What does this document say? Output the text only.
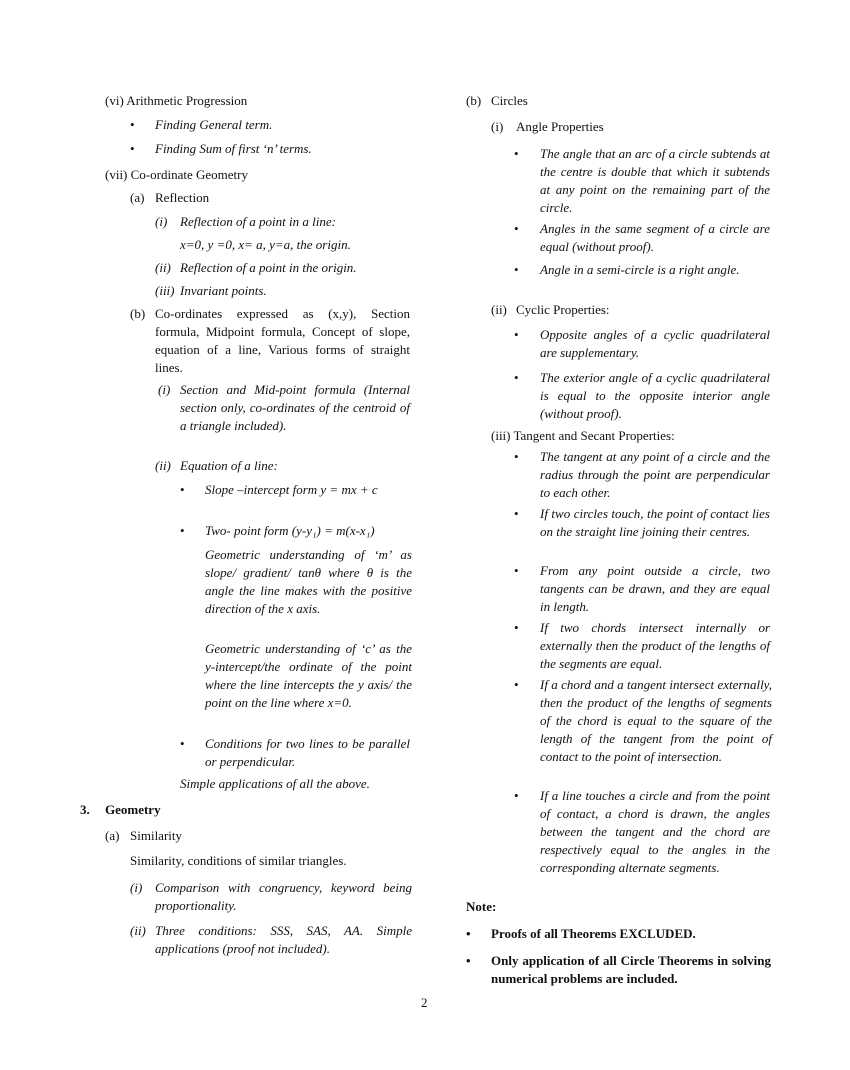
(vi) Arithmetic Progression
• Finding General term.
• Finding Sum of first ‘n’ terms.
(vii) Co-ordinate Geometry
(a) Reflection
(i) Reflection of a point in a line:
x=0, y =0, x= a, y=a, the origin.
(ii) Reflection of a point in the origin.
(iii) Invariant points.
(b) Co-ordinates expressed as (x,y), Section formula, Midpoint formula, Concept of slope, equation of a line, Various forms of straight lines.
(i) Section and Mid-point formula (Internal section only, co-ordinates of the centroid of a triangle included).
(ii) Equation of a line:
• Slope –intercept form y = mx + c
• Two- point form (y-y₁) = m(x-x₁)
Geometric understanding of ‘m’ as slope/ gradient/ tanθ where θ is the angle the line makes with the positive direction of the x axis.
Geometric understanding of ‘c’ as the y-intercept/the ordinate of the point where the line intercepts the y axis/ the point on the line where x=0.
• Conditions for two lines to be parallel or perpendicular.
Simple applications of all the above.
3. Geometry
(a) Similarity
Similarity, conditions of similar triangles.
(i) Comparison with congruency, keyword being proportionality.
(ii) Three conditions: SSS, SAS, AA. Simple applications (proof not included).
(b) Circles
(i) Angle Properties
• The angle that an arc of a circle subtends at the centre is double that which it subtends at any point on the remaining part of the circle.
• Angles in the same segment of a circle are equal (without proof).
• Angle in a semi-circle is a right angle.
(ii) Cyclic Properties:
• Opposite angles of a cyclic quadrilateral are supplementary.
• The exterior angle of a cyclic quadrilateral is equal to the opposite interior angle (without proof).
(iii) Tangent and Secant Properties:
• The tangent at any point of a circle and the radius through the point are perpendicular to each other.
• If two circles touch, the point of contact lies on the straight line joining their centres.
• From any point outside a circle, two tangents can be drawn, and they are equal in length.
• If two chords intersect internally or externally then the product of the lengths of the segments are equal.
• If a chord and a tangent intersect externally, then the product of the lengths of segments of the chord is equal to the square of the length of the tangent from the point of contact to the point of intersection.
• If a line touches a circle and from the point of contact, a chord is drawn, the angles between the tangent and the chord are respectively equal to the angles in the corresponding alternate segments.
Note:
• Proofs of all Theorems EXCLUDED.
• Only application of all Circle Theorems in solving numerical problems are included.
2
